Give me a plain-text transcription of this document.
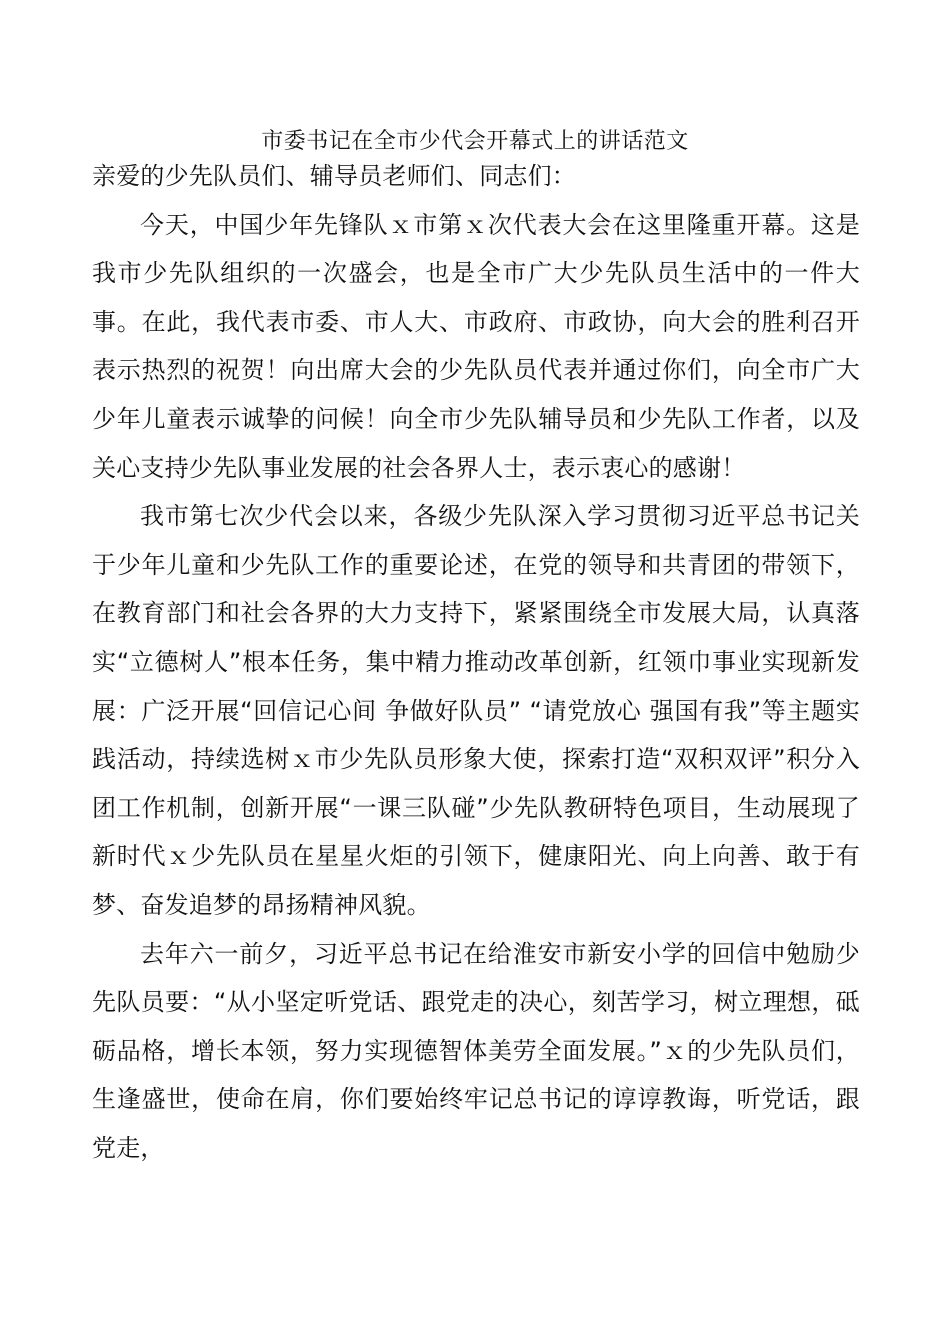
市委书记在全市少代会开幕式上的讲话范文

亲爱的少先队员们、辅导员老师们、同志们：

今天，中国少年先锋队ｘ市第ｘ次代表大会在这里隆重开幕。这是我市少先队组织的一次盛会，也是全市广大少先队员生活中的一件大事。在此，我代表市委、市人大、市政府、市政协，向大会的胜利召开表示热烈的祝贺！向出席大会的少先队员代表并通过你们，向全市广大少年儿童表示诚挚的问候！向全市少先队辅导员和少先队工作者，以及关心支持少先队事业发展的社会各界人士，表示衷心的感谢！

我市第七次少代会以来，各级少先队深入学习贯彻习近平总书记关于少年儿童和少先队工作的重要论述，在党的领导和共青团的带领下，在教育部门和社会各界的大力支持下，紧紧围绕全市发展大局，认真落实“立德树人”根本任务，集中精力推动改革创新，红领巾事业实现新发展：广泛开展“回信记心间 争做好队员” “请党放心 强国有我”等主题实践活动，持续选树ｘ市少先队员形象大使，探索打造“双积双评”积分入团工作机制，创新开展“一课三队碰”少先队教研特色项目，生动展现了新时代ｘ少先队员在星星火炬的引领下，健康阳光、向上向善、敢于有梦、奋发追梦的昂扬精神风貌。

去年六一前夕，习近平总书记在给淮安市新安小学的回信中勉励少先队员要：“从小坚定听党话、跟党走的决心，刻苦学习，树立理想，砥砺品格，增长本领，努力实现德智体美劳全面发展。”ｘ的少先队员们，生逢盛世，使命在肩，你们要始终牢记总书记的谆谆教诲，听党话，跟党走，
